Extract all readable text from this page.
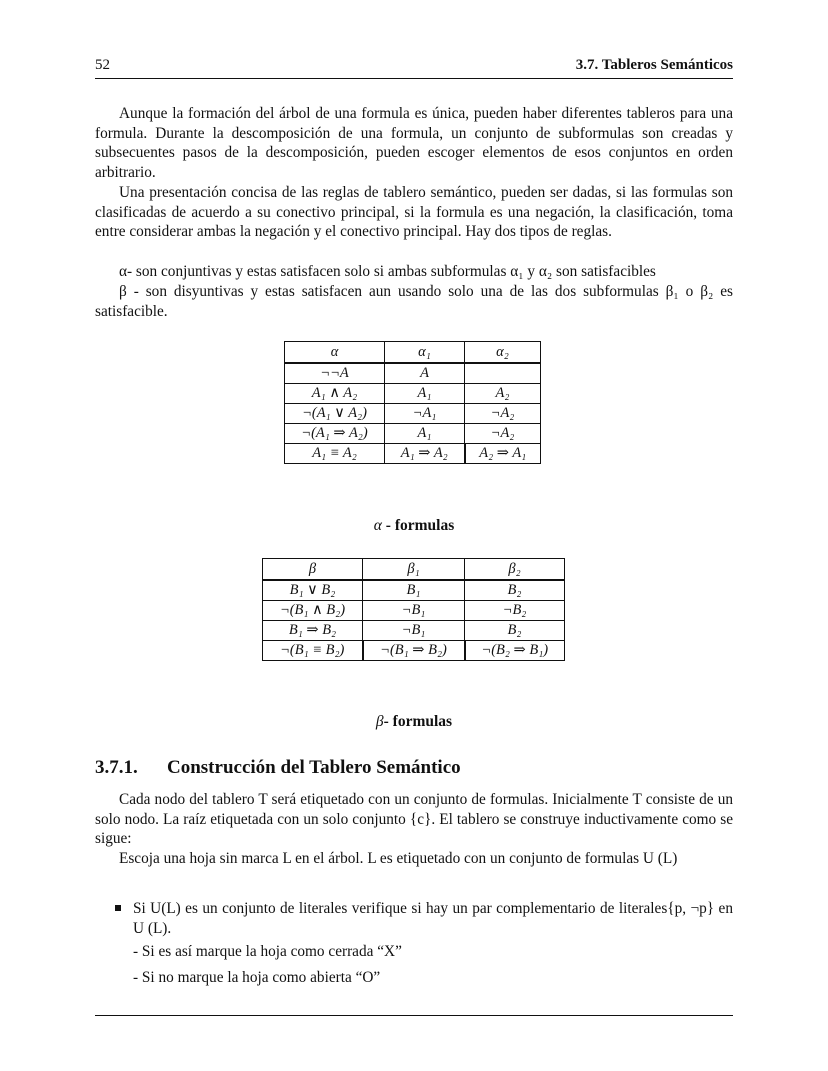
52	3.7. Tableros Semánticos

Aunque la formación del árbol de una formula es única, pueden haber diferentes tableros para una formula. Durante la descomposición de una formula, un conjunto de subformulas son creadas y subsecuentes pasos de la descomposición, pueden escoger elementos de esos conjuntos en orden arbitrario.

Una presentación concisa de las reglas de tablero semántico, pueden ser dadas, si las formulas son clasificadas de acuerdo a su conectivo principal, si la formula es una negación, la clasificación, toma entre considerar ambas la negación y el conectivo principal. Hay dos tipos de reglas.

α- son conjuntivas y estas satisfacen solo si ambas subformulas α₁ y α₂ son satisfacibles

β - son disyuntivas y estas satisfacen aun usando solo una de las dos subformulas β₁ o β₂ es satisfacible.

α	α₁	α₂
¬¬A	A	
A₁ ∧ A₂	A₁	A₂
¬(A₁ ∨ A₂)	¬A₁	¬A₂
¬(A₁ ⇒ A₂)	A₁	¬A₂
A₁ ≡ A₂	A₁ ⇒ A₂	A₂ ⇒ A₁
α - formulas
β	β₁	β₂
B₁ ∨ B₂	B₁	B₂
¬(B₁ ∧ B₂)	¬B₁	¬B₂
B₁ ⇒ B₂	¬B₁	B₂
¬(B₁ ≡ B₂)	¬(B₁ ⇒ B₂)	¬(B₂ ⇒ B₁)
β- formulas
3.7.1. Construcción del Tablero Semántico

Cada nodo del tablero T será etiquetado con un conjunto de formulas. Inicialmente T consiste de un solo nodo. La raíz etiquetada con un solo conjunto {c}. El tablero se construye inductivamente como se sigue:

Escoja una hoja sin marca L en el árbol. L es etiquetado con un conjunto de formulas U (L)

Si U(L) es un conjunto de literales verifique si hay un par complementario de literales{p, ¬p} en U (L).
- Si es así marque la hoja como cerrada “X”
- Si no marque la hoja como abierta “O”
